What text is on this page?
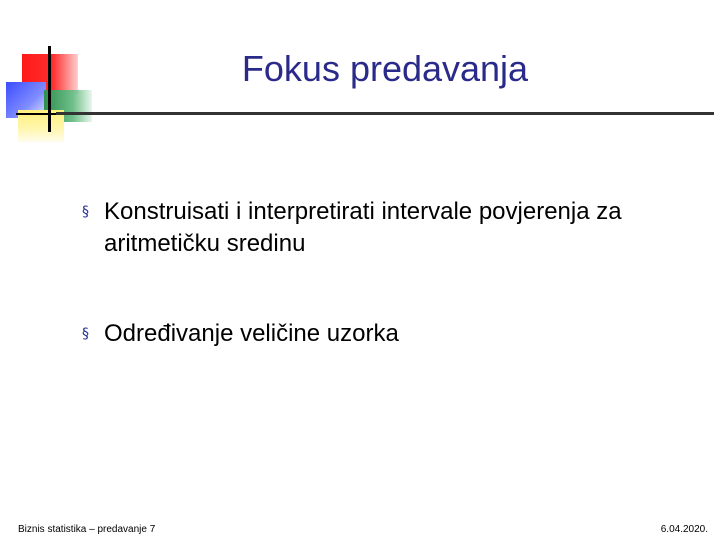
Fokus predavanja
§ Konstruisati i interpretirati intervale povjerenja za aritmetičku sredinu
§ Određivanje veličine uzorka
Biznis statistika – predavanje 7	6.04.2020.
